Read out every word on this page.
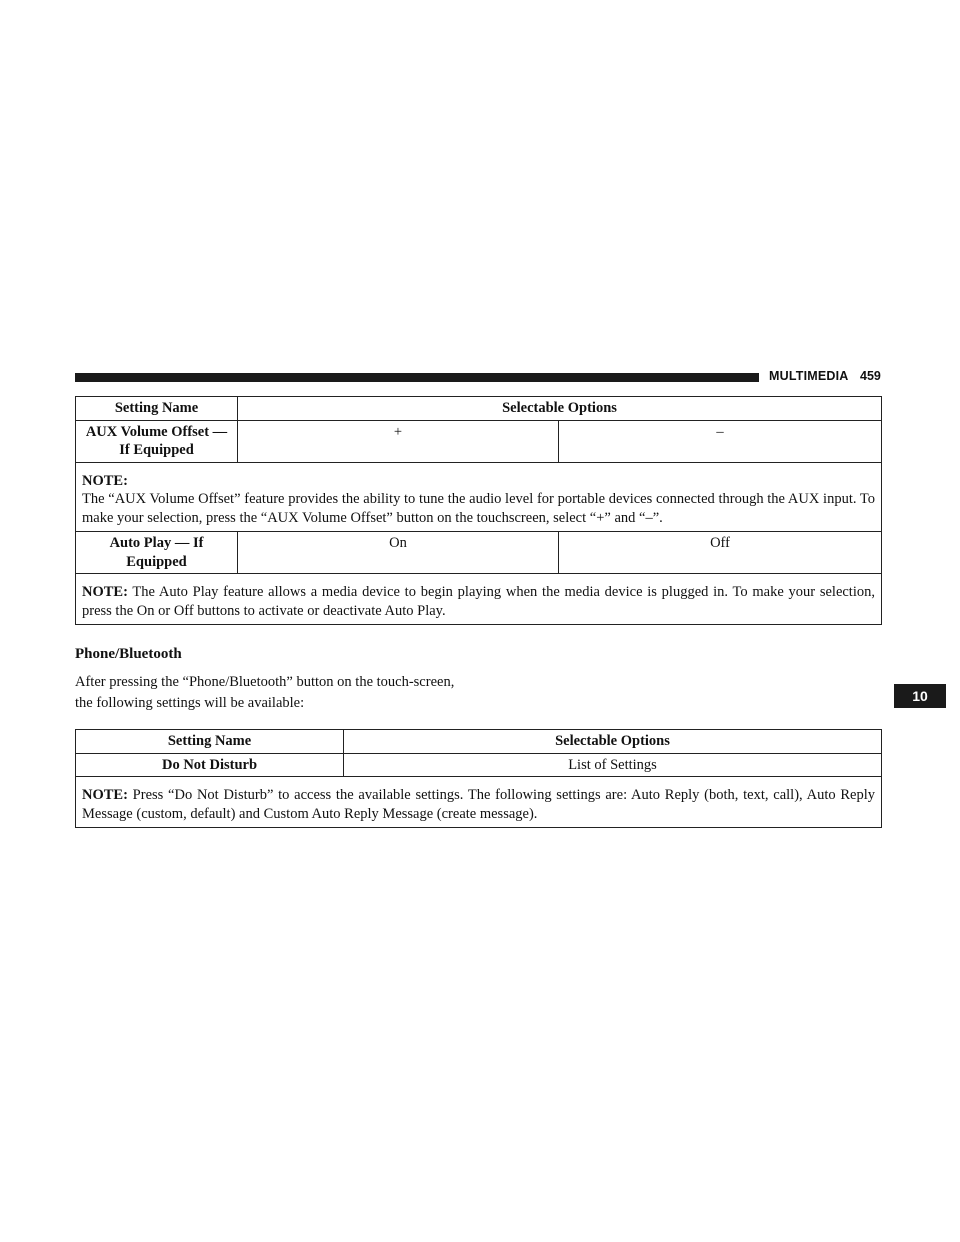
MULTIMEDIA 459
10
Setting Name	Selectable Options	
AUX Volume Offset — If Equipped	+	–
NOTE:
The “AUX Volume Offset” feature provides the ability to tune the audio level for portable devices connected through the AUX input. To make your selection, press the “AUX Volume Offset” button on the touchscreen, select “+” and “–”.		
Auto Play — If Equipped	On	Off
NOTE: The Auto Play feature allows a media device to begin playing when the media device is plugged in. To make your selection, press the On or Off buttons to activate or deactivate Auto Play.		
Phone/Bluetooth
After pressing the “Phone/Bluetooth” button on the touch-screen, the following settings will be available:
Setting Name	Selectable Options
Do Not Disturb	List of Settings
NOTE: Press “Do Not Disturb” to access the available settings. The following settings are: Auto Reply (both, text, call), Auto Reply Message (custom, default) and Custom Auto Reply Message (create message).	
